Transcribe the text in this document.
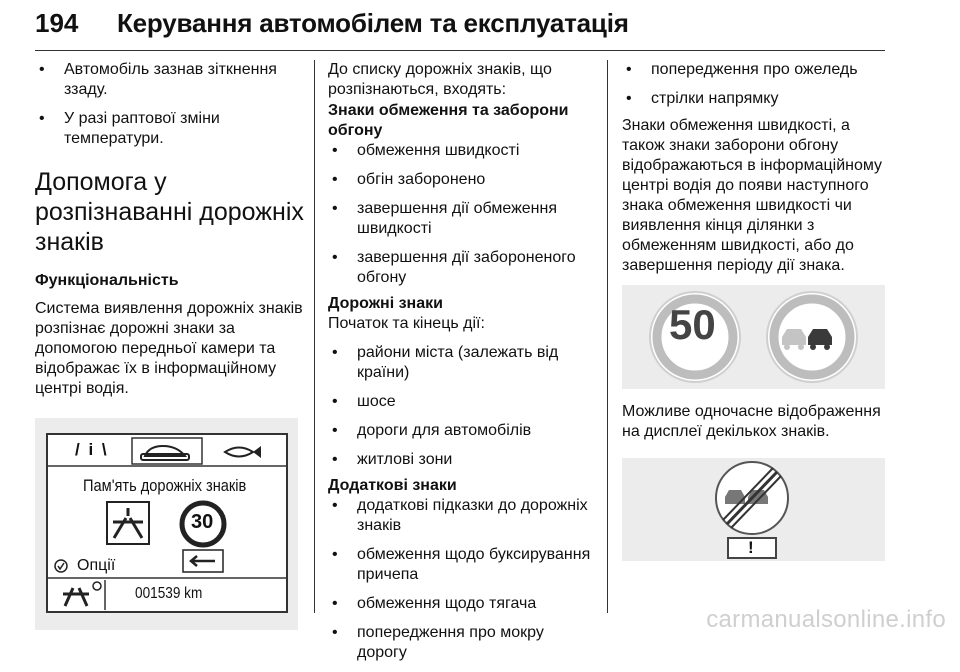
194 Керування автомобілем та експлуатація
• Автомобіль зазнав зіткнення ззаду.
• У разі раптової зміни температури.
Допомога у розпізнаванні дорожніх знаків

Функціональність

Система виявлення дорожніх знаків розпізнає дорожні знаки за допомогою передньої камери та відображає їх в інформаційному центрі водія.

/ i \
Пам'ять дорожніх знаків
30
Опції
001539 km

До списку дорожніх знаків, що розпізнаються, входять:

Знаки обмеження та заборони обгону

• обмеження швидкості
• обгін заборонено
• завершення дії обмеження швидкості
• завершення дії забороненого обгону

Дорожні знаки

Початок та кінець дії:

• райони міста (залежать від країни)
• шосе
• дороги для автомобілів
• житлові зони

Додаткові знаки

• додаткові підказки до дорожніх знаків
• обмеження щодо буксирування причепа
• обмеження щодо тягача
• попередження про мокру дорогу
• попередження про ожеледь
• стрілки напрямку

Знаки обмеження швидкості, а також знаки заборони обгону відображаються в інформаційному центрі водія до появи наступного знака обмеження швидкості чи виявлення кінця ділянки з обмеженням швидкості, або до завершення періоду дії знака.

50

Можливе одночасне відображення на дисплеї декількох знаків.

!
carmanualsonline.info
